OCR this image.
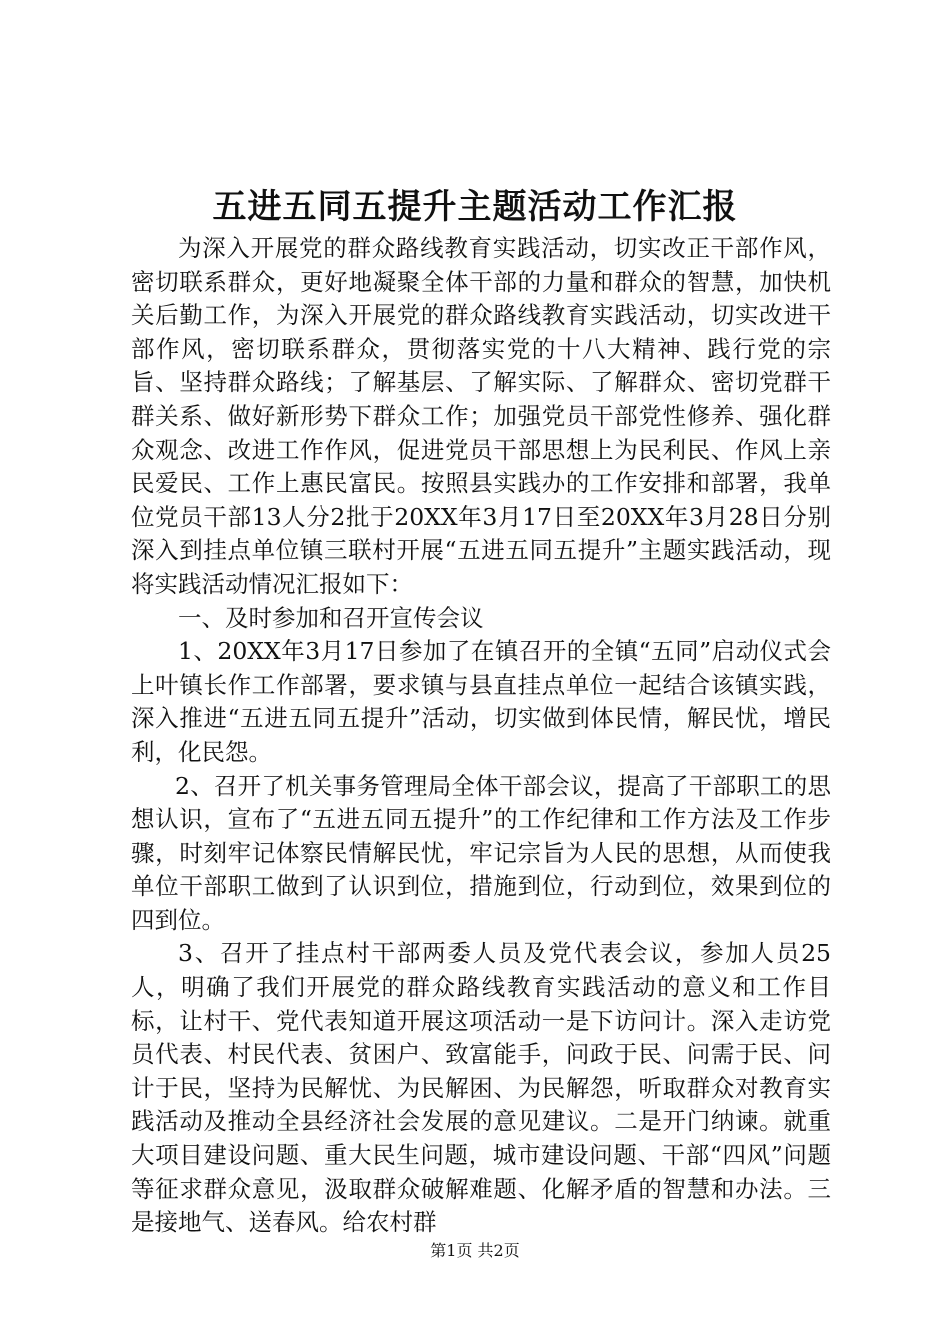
五进五同五提升主题活动工作汇报

为深入开展党的群众路线教育实践活动，切实改正干部作风，密切联系群众，更好地凝聚全体干部的力量和群众的智慧，加快机关后勤工作，为深入开展党的群众路线教育实践活动，切实改进干部作风，密切联系群众，贯彻落实党的十八大精神、践行党的宗旨、坚持群众路线；了解基层、了解实际、了解群众、密切党群干群关系、做好新形势下群众工作；加强党员干部党性修养、强化群众观念、改进工作作风，促进党员干部思想上为民利民、作风上亲民爱民、工作上惠民富民。按照县实践办的工作安排和部署，我单位党员干部13人分2批于20XX年3月17日至20XX年3月28日分别深入到挂点单位镇三联村开展“五进五同五提升”主题实践活动，现将实践活动情况汇报如下：

一、及时参加和召开宣传会议

1、20XX年3月17日参加了在镇召开的全镇“五同”启动仪式会上叶镇长作工作部署，要求镇与县直挂点单位一起结合该镇实践，深入推进“五进五同五提升”活动，切实做到体民情，解民忧，增民利，化民怨。

2、召开了机关事务管理局全体干部会议，提高了干部职工的思想认识，宣布了“五进五同五提升”的工作纪律和工作方法及工作步骤，时刻牢记体察民情解民忧，牢记宗旨为人民的思想，从而使我单位干部职工做到了认识到位，措施到位，行动到位，效果到位的四到位。

3、召开了挂点村干部两委人员及党代表会议，参加人员25人，明确了我们开展党的群众路线教育实践活动的意义和工作目标，让村干、党代表知道开展这项活动一是下访问计。深入走访党员代表、村民代表、贫困户、致富能手，问政于民、问需于民、问计于民，坚持为民解忧、为民解困、为民解怨，听取群众对教育实践活动及推动全县经济社会发展的意见建议。二是开门纳谏。就重大项目建设问题、重大民生问题，城市建设问题、干部“四风”问题等征求群众意见，汲取群众破解难题、化解矛盾的智慧和办法。三是接地气、送春风。给农村群

第1页 共2页
